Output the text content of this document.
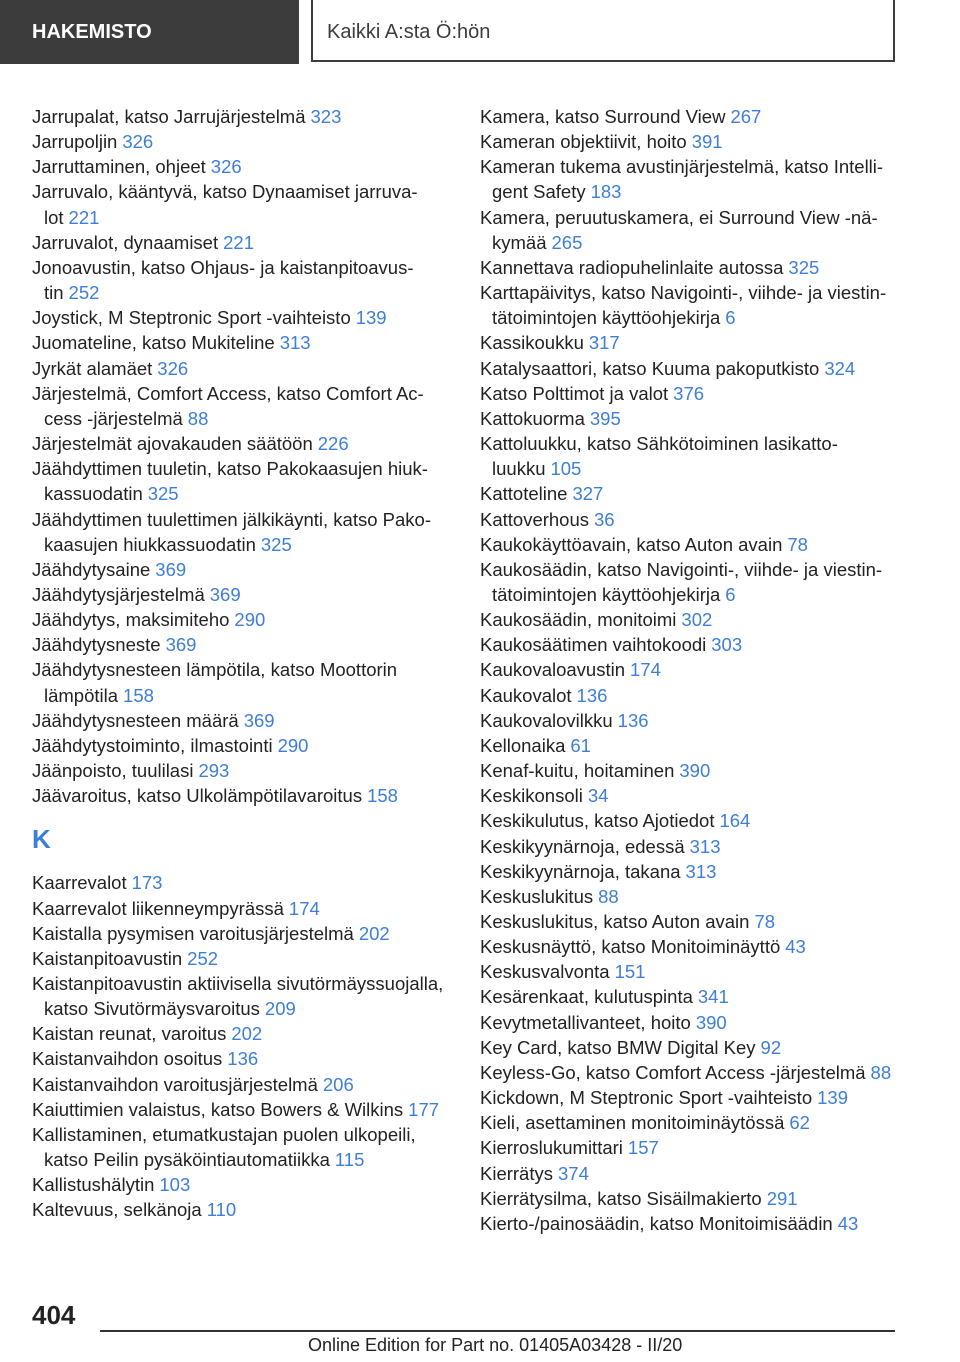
HAKEMISTO	Kaikki A:sta Ö:hön

Jarrupalat, katso Jarrujärjestelmä 323

Jarrupoljin 326

Jarruttaminen, ohjeet 326

Jarruvalo, kääntyvä, katso Dynaamiset jarruvalot 221

Jarruvalot, dynaamiset 221

Jonoavustin, katso Ohjaus- ja kaistanpitoavustin 252

Joystick, M Steptronic Sport -vaihteisto 139

Juomateline, katso Mukiteline 313

Jyrkät alamäet 326

Järjestelmä, Comfort Access, katso Comfort Access -järjestelmä 88

Järjestelmät ajovakauden säätöön 226

Jäähdyttimen tuuletin, katso Pakokaasujen hiukkassuodatin 325

Jäähdyttimen tuulettimen jälkikäynti, katso Pakokaasujen hiukkassuodatin 325

Jäähdytysaine 369

Jäähdytysjärjestelmä 369

Jäähdytys, maksimiteho 290

Jäähdytysneste 369

Jäähdytysnesteen lämpötila, katso Moottorin lämpötila 158

Jäähdytysnesteen määrä 369

Jäähdytystoiminto, ilmastointi 290

Jäänpoisto, tuulilasi 293

Jäävaroitus, katso Ulkolämpötilavaroitus 158

K

Kaarrevalot 173

Kaarrevalot liikenneympyrässä 174

Kaistalla pysymisen varoitusjärjestelmä 202

Kaistanpitoavustin 252

Kaistanpitoavustin aktiivisella sivutörmäyssuojalla, katso Sivutörmäysvaroitus 209

Kaistan reunat, varoitus 202

Kaistanvaihdon osoitus 136

Kaistanvaihdon varoitusjärjestelmä 206

Kaiuttimien valaistus, katso Bowers & Wilkins 177

Kallistaminen, etumatkustajan puolen ulkopeili, katso Peilin pysäköintiautomatiikka 115

Kallistushälytin 103

Kaltevuus, selkänoja 110

Kamera, katso Surround View 267

Kameran objektiivit, hoito 391

Kameran tukema avustinjärjestelmä, katso Intelligent Safety 183

Kamera, peruutuskamera, ei Surround View -näkymää 265

Kannettava radiopuhelinlaite autossa 325

Karttapäivitys, katso Navigointi-, viihde- ja viestintätoimintojen käyttöohjekirja 6

Kassikoukku 317

Katalysaattori, katso Kuuma pakoputkisto 324

Katso Polttimot ja valot 376

Kattokuorma 395

Kattoluukku, katso Sähkötoiminen lasikattoluukku 105

Kattoteline 327

Kattoverhous 36

Kaukokäyttöavain, katso Auton avain 78

Kaukosäädin, katso Navigointi-, viihde- ja viestintätoimintojen käyttöohjekirja 6

Kaukosäädin, monitoimi 302

Kaukosäätimen vaihtokoodi 303

Kaukovaloavustin 174

Kaukovalot 136

Kaukovalovilkku 136

Kellonaika 61

Kenaf-kuitu, hoitaminen 390

Keskikonsoli 34

Keskikulutus, katso Ajotiedot 164

Keskikyynärnoja, edessä 313

Keskikyynärnoja, takana 313

Keskuslukitus 88

Keskuslukitus, katso Auton avain 78

Keskusnäyttö, katso Monitoiminäyttö 43

Keskusvalvonta 151

Kesärenkaat, kulutuspinta 341

Kevytmetallivanteet, hoito 390

Key Card, katso BMW Digital Key 92

Keyless-Go, katso Comfort Access -järjestelmä 88

Kickdown, M Steptronic Sport -vaihteisto 139

Kieli, asettaminen monitoiminäytössä 62

Kierroslukumittari 157

Kierrätys 374

Kierrätysilma, katso Sisäilmakierto 291

Kierto-/painosäädin, katso Monitoimisäädin 43

404
Online Edition for Part no. 01405A03428 - II/20
